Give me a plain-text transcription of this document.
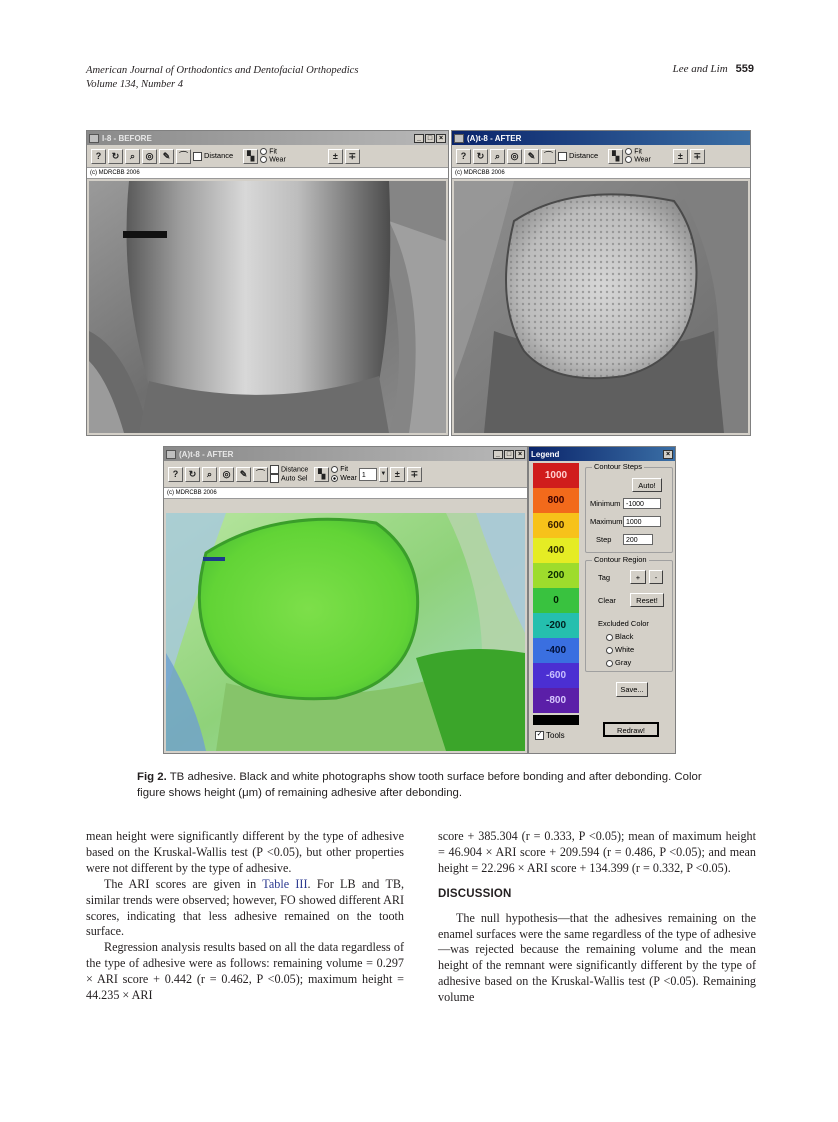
American Journal of Orthodontics and Dentofacial Orthopedics
Volume 134, Number 4
Lee and Lim 559
I-8 - BEFORE	_ □ ×
?	↻	⌕	◎	✎ ⌒	Distance	▚	Fit
Wear	±	∓
(c) MDRCBB 2006
(A)t-8 - AFTER
?	↻	⌕	◎	✎ ⌒	Distance	▚	Fit
Wear	±	∓
(c) MDRCBB 2006
(A)t-8 - AFTER	_ □ ×
?	↻	⌕	◎	✎ ⌒	Distance
Auto Sel
▚	Fit
Wear 1	▼ ±	∓
(c) MDRCBB 2006
Legend	×
1000
800
600
400
200
0
-200
-400
-600
-800
✓ Tools
Contour Steps
Auto!
Minimum -1000
Maximum 1000
Step	200
Contour Region
Tag	+	-
Clear	Reset!
Excluded Color
Black
White
Gray
Save...
Redraw!
Fig 2. TB adhesive. Black and white photographs show tooth surface before bonding and after debonding. Color figure shows height (μm) of remaining adhesive after debonding.

mean height were significantly different by the type of adhesive based on the Kruskal-Wallis test (P <0.05), but other properties were not different by the type of adhesive.

The ARI scores are given in Table III. For LB and TB, similar trends were observed; however, FO showed different ARI scores, indicating that less adhesive remained on the tooth surface.

Regression analysis results based on all the data regardless of the type of adhesive were as follows: remaining volume = 0.297 × ARI score + 0.442 (r = 0.462, P <0.05); maximum height = 44.235 × ARI

score + 385.304 (r = 0.333, P <0.05); mean of maximum height = 46.904 × ARI score + 209.594 (r = 0.486, P <0.05); and mean height = 22.296 × ARI score + 134.399 (r = 0.332, P <0.05).

DISCUSSION

The null hypothesis—that the adhesives remaining on the enamel surfaces were the same regardless of the type of adhesive—was rejected because the remaining volume and the mean height of the remnant were significantly different by the type of adhesive based on the Kruskal-Wallis test (P <0.05). Remaining volume
